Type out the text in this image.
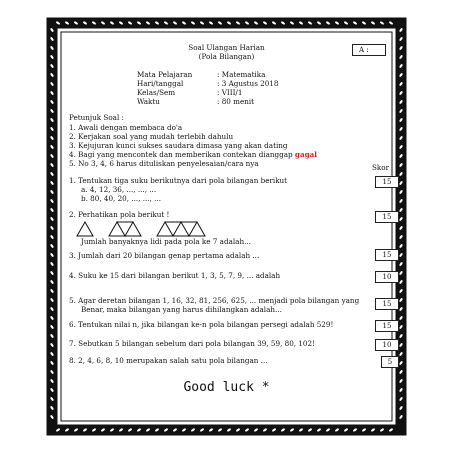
Soal Ulangan Harian
(Pola Bilangan)
A :
Mata Pelajaran	: Matematika
Hari/tanggal	: 3 Agustus 2018
Kelas/Sem	: VIII/1
Waktu	: 80 menit
Petunjuk Soal :
1. Awali dengan membaca do'a
2. Kerjakan soal yang mudah terlebih dahulu
3. Kejujuran kunci sukses saudara dimasa yang akan dating
4. Bagi yang mencontek dan memberikan contekan dianggap gagal
5. No 3, 4, 6 harus dituliskan penyelesaian/cara nya	Skor
1. Tentukan tiga suku berikutnya dari pola bilangan berikut
a. 4, 12, 36, ..., ..., ...
b. 80, 40, 20, ..., ..., ...
15
2. Perhatikan pola berikut !
Jumlah banyaknya lidi pada pola ke 7 adalah...
15
3. Jumlah dari 20 bilangan genap pertama adalah ...	15
4. Suku ke 15 dari bilangan berikut 1, 3, 5, 7, 9, ... adalah	10
5. Agar deretan bilangan 1, 16, 32, 81, 256, 625, ... menjadi pola bilangan yang
Benar, maka bilangan yang harus dihilangkan adalah...
15
6. Tentukan nilai n, jika bilangan ke-n pola bilangan persegi adalah 529!	15
7. Sebutkan 5 bilangan sebelum dari pola bilangan 39, 59, 80, 102!	10
8. 2, 4, 6, 8, 10 merupakan salah satu pola bilangan ...	5
Good luck *
